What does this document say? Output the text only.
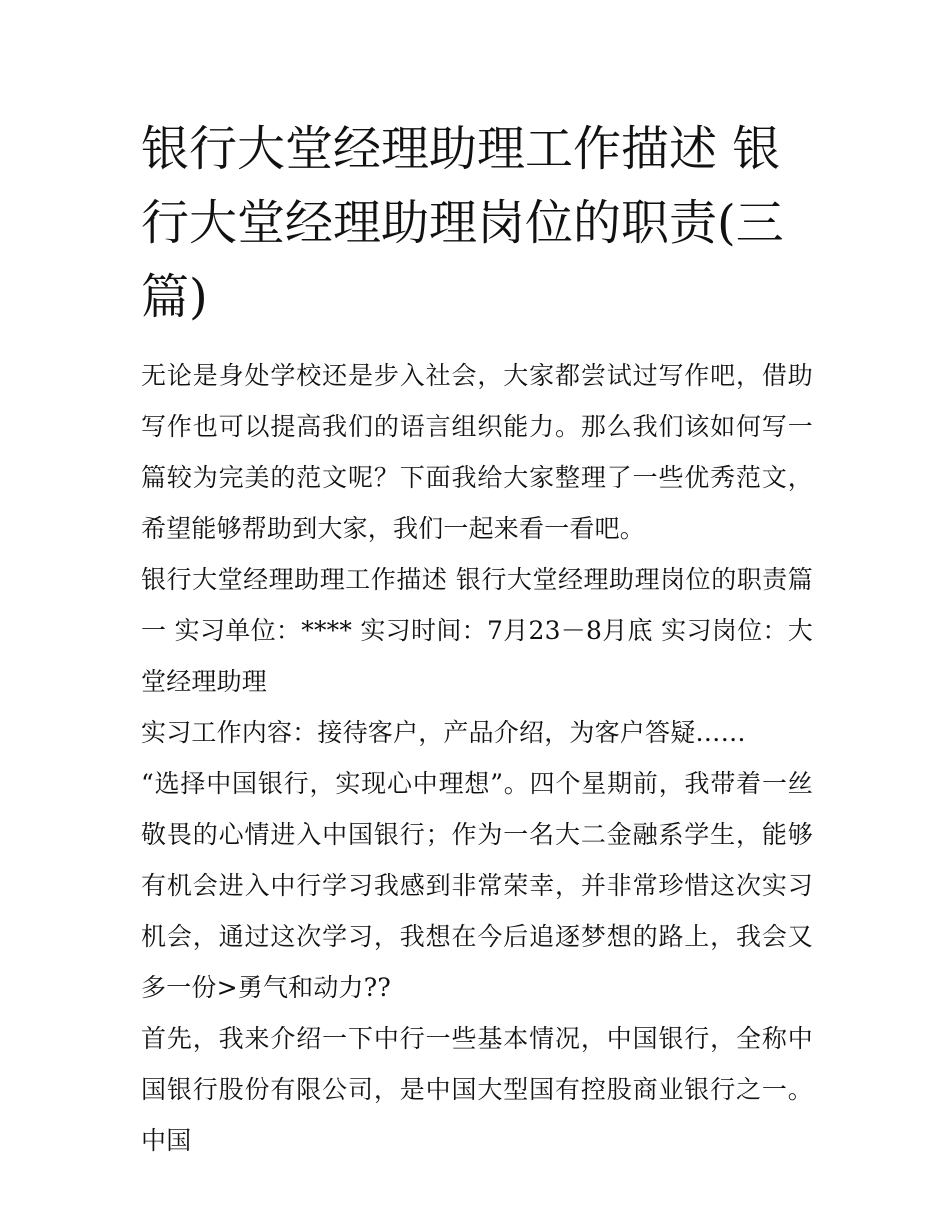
银行大堂经理助理工作描述 银行大堂经理助理岗位的职责(三篇)

无论是身处学校还是步入社会，大家都尝试过写作吧，借助写作也可以提高我们的语言组织能力。那么我们该如何写一篇较为完美的范文呢？下面我给大家整理了一些优秀范文，希望能够帮助到大家，我们一起来看一看吧。

银行大堂经理助理工作描述 银行大堂经理助理岗位的职责篇一 实习单位：**** 实习时间：7月23－8月底 实习岗位：大堂经理助理

实习工作内容：接待客户，产品介绍，为客户答疑……

“选择中国银行，实现心中理想”。四个星期前，我带着一丝敬畏的心情进入中国银行；作为一名大二金融系学生，能够有机会进入中行学习我感到非常荣幸，并非常珍惜这次实习机会，通过这次学习，我想在今后追逐梦想的路上，我会又多一份>勇气和动力??

首先，我来介绍一下中行一些基本情况，中国银行，全称中国银行股份有限公司，是中国大型国有控股商业银行之一。中国
